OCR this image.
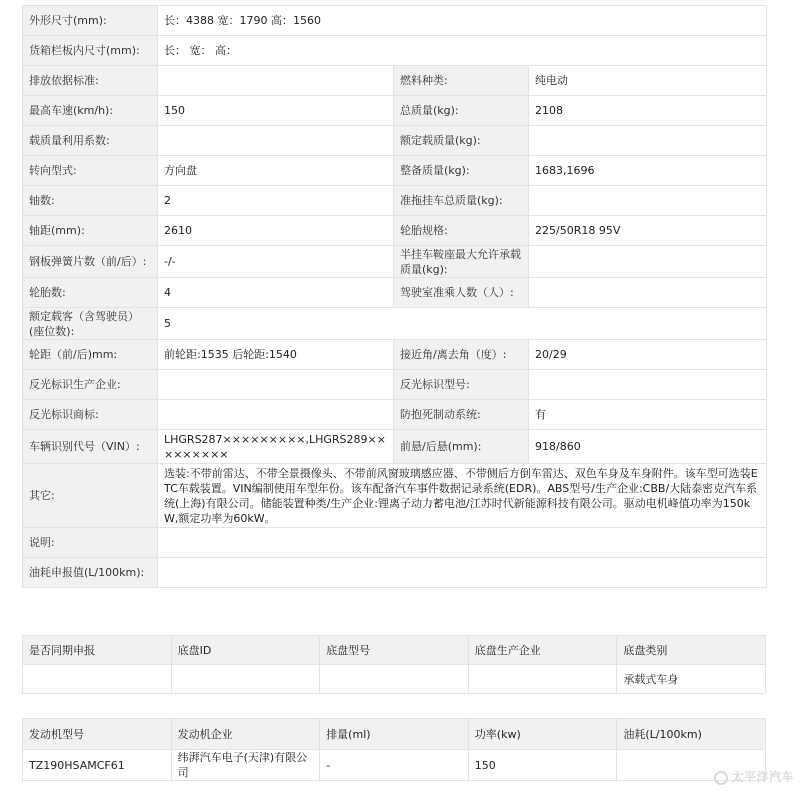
外形尺寸(mm):	长：4388 宽：1790 高：1560		
货箱栏板内尺寸(mm):	长： 宽： 高：		
排放依据标准:		燃料种类:	纯电动
最高车速(km/h):	150	总质量(kg):	2108
载质量利用系数:		额定载质量(kg):	
转向型式:	方向盘	整备质量(kg):	1683,1696
轴数:	2	准拖挂车总质量(kg):	
轴距(mm):	2610	轮胎规格:	225/50R18 95V
钢板弹簧片数（前/后）:	-/-	半挂车鞍座最大允许承载质量(kg):	
轮胎数:	4	驾驶室准乘人数（人）:	
额定载客（含驾驶员）(座位数):	5		
轮距（前/后)mm:	前轮距:1535 后轮距:1540	接近角/离去角（度）:	20/29
反光标识生产企业:		反光标识型号:	
反光标识商标:		防抱死制动系统:	有
车辆识别代号（VIN）:	LHGRS287×××××××××,LHGRS289×××××××××	前悬/后悬(mm):	918/860
其它:	选装:不带前雷达、不带全景摄像头、不带前风窗玻璃感应器、不带侧后方倒车雷达、双色车身及车身附件。该车型可选装ETC车载装置。VIN编制使用车型年份。该车配备汽车事件数据记录系统(EDR)。ABS型号/生产企业:CBB/大陆泰密克汽车系统(上海)有限公司。储能装置种类/生产企业:锂离子动力蓄电池/江苏时代新能源科技有限公司。驱动电机峰值功率为150kW,额定功率为60kW。		
说明:			
油耗申报值(L/100km):			
是否同期申报	底盘ID	底盘型号	底盘生产企业	底盘类别
				承载式车身
发动机型号	发动机企业	排量(ml)	功率(kw)	油耗(L/100km)
TZ190HSAMCF61	纬湃汽车电子(天津)有限公司	-	150	
太平洋汽车
